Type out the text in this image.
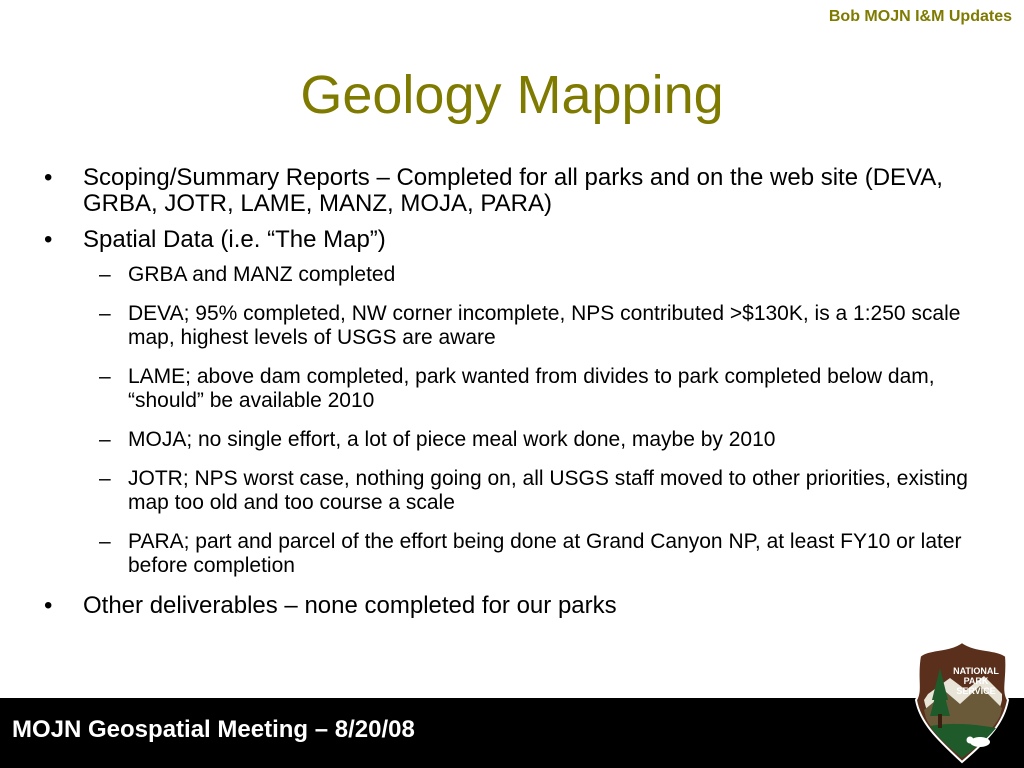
Bob MOJN I&M Updates
Geology Mapping
• Scoping/Summary Reports – Completed for all parks and on the web site (DEVA, GRBA, JOTR, LAME, MANZ, MOJA, PARA)
• Spatial Data (i.e. “The Map”)
– GRBA and MANZ completed
– DEVA; 95% completed, NW corner incomplete, NPS contributed >$130K, is a 1:250 scale map, highest levels of USGS are aware
– LAME; above dam completed, park wanted from divides to park completed below dam, “should” be available 2010
– MOJA; no single effort, a lot of piece meal work done, maybe by 2010
– JOTR; NPS worst case, nothing going on, all USGS staff moved to other priorities, existing map too old and too course a scale
– PARA; part and parcel of the effort being done at Grand Canyon NP, at least FY10 or later before completion
• Other deliverables – none completed for our parks
MOJN Geospatial Meeting – 8/20/08
NATIONAL
PARK
SERVICE
